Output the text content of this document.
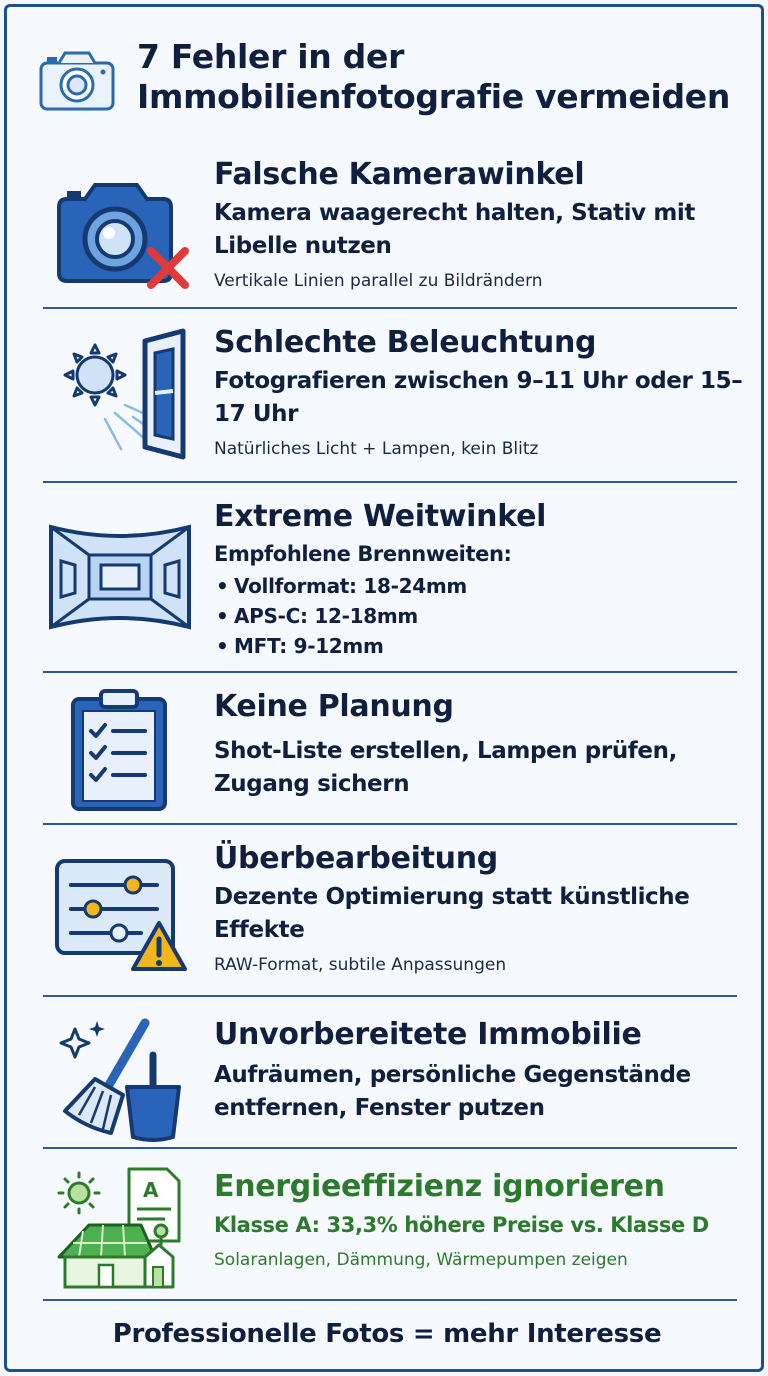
7 Fehler in der Immobilienfotografie vermeiden
Falsche Kamerawinkel
Kamera waagerecht halten, Stativ mit Libelle nutzen
Vertikale Linien parallel zu Bildrändern
Schlechte Beleuchtung
Fotografieren zwischen 9–11 Uhr oder 15–17 Uhr
Natürliches Licht + Lampen, kein Blitz
Extreme Weitwinkel
Empfohlene Brennweiten:
• Vollformat: 18-24mm
• APS-C: 12-18mm
• MFT: 9-12mm
Keine Planung
Shot-Liste erstellen, Lampen prüfen, Zugang sichern
Überbearbeitung
Dezente Optimierung statt künstliche Effekte
RAW-Format, subtile Anpassungen
Unvorbereitete Immobilie
Aufräumen, persönliche Gegenstände entfernen, Fenster putzen
A Energieeffizienz ignorieren
Klasse A: 33,3% höhere Preise vs. Klasse D
Solaranlagen, Dämmung, Wärmepumpen zeigen
Professionelle Fotos = mehr Interesse
